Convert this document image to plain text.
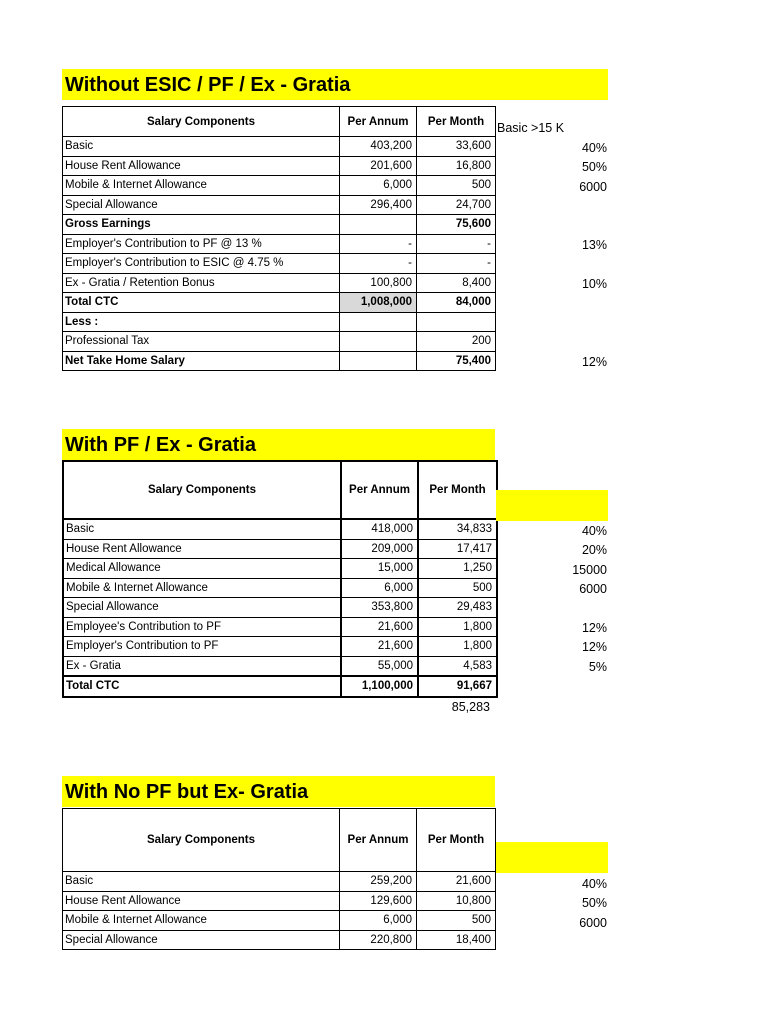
Without ESIC / PF / Ex - Gratia
Salary Components	Per Annum	Per Month
Basic	403,200	33,600
House Rent Allowance	201,600	16,800
Mobile & Internet Allowance	6,000	500
Special Allowance	296,400	24,700
Gross Earnings		75,600
Employer's Contribution to PF @ 13 %	-	-
Employer's Contribution to ESIC @ 4.75 %	-	-
Ex - Gratia / Retention Bonus	100,800	8,400
Total CTC	1,008,000	84,000
Less :		
Professional Tax		200
Net Take Home Salary		75,400
Basic >15 K
40%
50%
6000
13%
10%
12%
With PF / Ex - Gratia
Salary Components	Per Annum	Per Month
Basic	418,000	34,833
House Rent Allowance	209,000	17,417
Medical Allowance	15,000	1,250
Mobile & Internet Allowance	6,000	500
Special Allowance	353,800	29,483
Employee's Contribution to PF	21,600	1,800
Employer's Contribution to PF	21,600	1,800
Ex - Gratia	55,000	4,583
Total CTC	1,100,000	91,667
85,283
40%
20%
15000
6000
12%
12%
5%
With No PF but Ex- Gratia
Salary Components	Per Annum	Per Month
Basic	259,200	21,600
House Rent Allowance	129,600	10,800
Mobile & Internet Allowance	6,000	500
Special Allowance	220,800	18,400
40%
50%
6000
